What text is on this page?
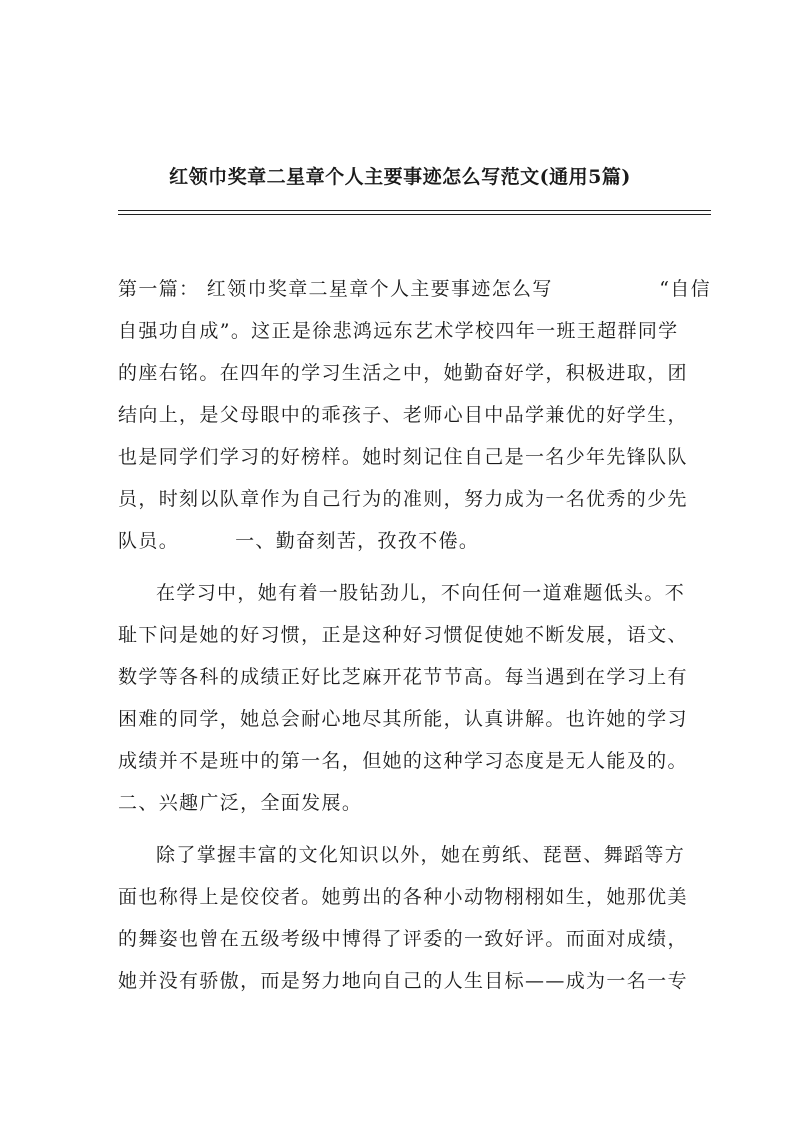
红领巾奖章二星章个人主要事迹怎么写范文(通用5篇)
第一篇： 红领巾奖章二星章个人主要事迹怎么写	“自信
自强功自成”。这正是徐悲鸿远东艺术学校四年一班王超群同学
的座右铭。在四年的学习生活之中，她勤奋好学，积极进取，团
结向上，是父母眼中的乖孩子、老师心目中品学兼优的好学生，
也是同学们学习的好榜样。她时刻记住自己是一名少年先锋队队
员，时刻以队章作为自己行为的准则，努力成为一名优秀的少先
队员。	一、勤奋刻苦，孜孜不倦。
在学习中，她有着一股钻劲儿，不向任何一道难题低头。不
耻下问是她的好习惯，正是这种好习惯促使她不断发展，语文、
数学等各科的成绩正好比芝麻开花节节高。每当遇到在学习上有
困难的同学，她总会耐心地尽其所能，认真讲解。也许她的学习
成绩并不是班中的第一名，但她的这种学习态度是无人能及的。
二、兴趣广泛，全面发展。
除了掌握丰富的文化知识以外，她在剪纸、琵琶、舞蹈等方
面也称得上是佼佼者。她剪出的各种小动物栩栩如生，她那优美
的舞姿也曾在五级考级中博得了评委的一致好评。而面对成绩，
她并没有骄傲，而是努力地向自己的人生目标——成为一名一专
